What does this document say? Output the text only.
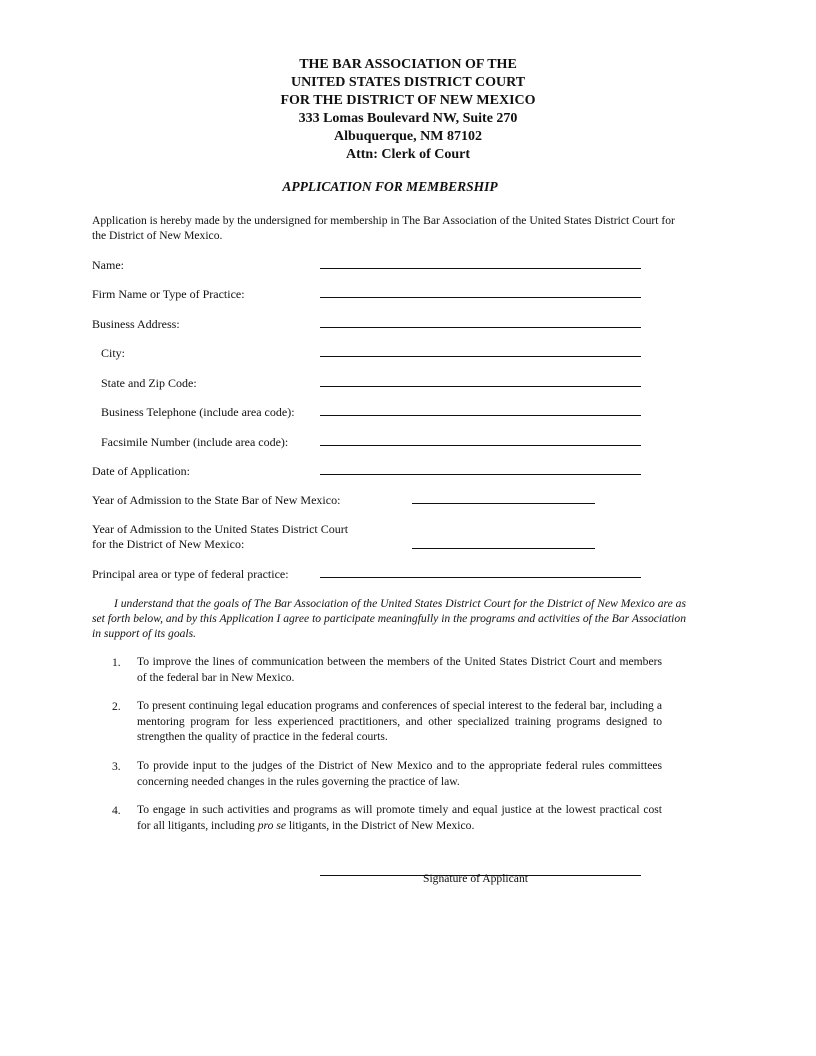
THE BAR ASSOCIATION OF THE
UNITED STATES DISTRICT COURT
FOR THE DISTRICT OF NEW MEXICO
333 Lomas Boulevard NW, Suite 270
Albuquerque, NM 87102
Attn: Clerk of Court
APPLICATION FOR MEMBERSHIP
Application is hereby made by the undersigned for membership in The Bar Association of the United States District Court for the District of New Mexico.
Name:
Firm Name or Type of Practice:
Business Address:
City:
State and Zip Code:
Business Telephone (include area code):
Facsimile Number (include area code):
Date of Application:
Year of Admission to the State Bar of New Mexico:
Year of Admission to the United States District Court
for the District of New Mexico:
Principal area or type of federal practice:
I understand that the goals of The Bar Association of the United States District Court for the District of New Mexico are as set forth below, and by this Application I agree to participate meaningfully in the programs and activities of the Bar Association in support of its goals.
1.	To improve the lines of communication between the members of the United States District Court and members of the federal bar in New Mexico.
2.	To present continuing legal education programs and conferences of special interest to the federal bar, including a mentoring program for less experienced practitioners, and other specialized training programs designed to strengthen the quality of practice in the federal courts.
3.	To provide input to the judges of the District of New Mexico and to the appropriate federal rules committees concerning needed changes in the rules governing the practice of law.
4.	To engage in such activities and programs as will promote timely and equal justice at the lowest practical cost for all litigants, including pro se litigants, in the District of New Mexico.
Signature of Applicant
